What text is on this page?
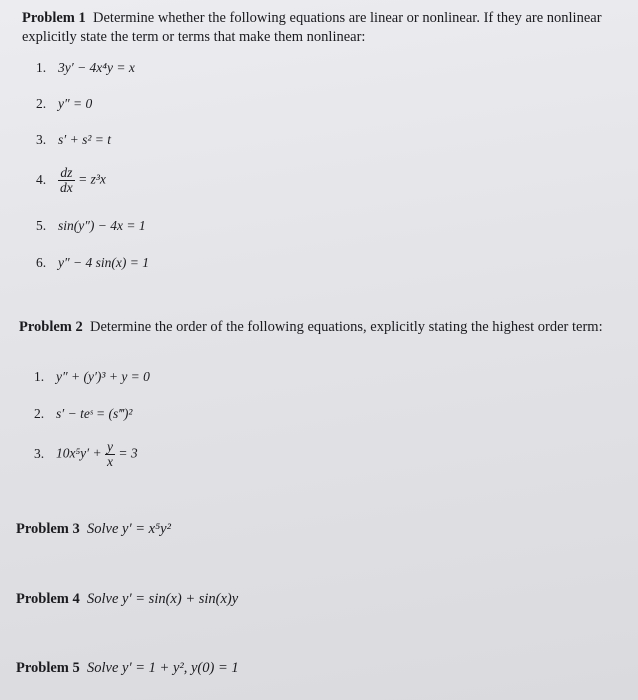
Problem 1 Determine whether the following equations are linear or nonlinear. If they are nonlinear explicitly state the term or terms that make them nonlinear:
1. 3y′ − 4x⁴y = x
2. y″ = 0
3. s′ + s² = t
4. $\frac{dz}{dx} = z^3x$
5. sin(y″) − 4x = 1
6. y″ − 4 sin(x) = 1
Problem 2 Determine the order of the following equations, explicitly stating the highest order term:
1. y″ + (y′)³ + y = 0
2. s′ − teˢ = (s‴)²
3. $10x^5y' + \frac{y}{x} = 3$
Problem 3 Solve y′ = x⁵y²
Problem 4 Solve y′ = sin(x) + sin(x)y
Problem 5 Solve y′ = 1 + y², y(0) = 1
